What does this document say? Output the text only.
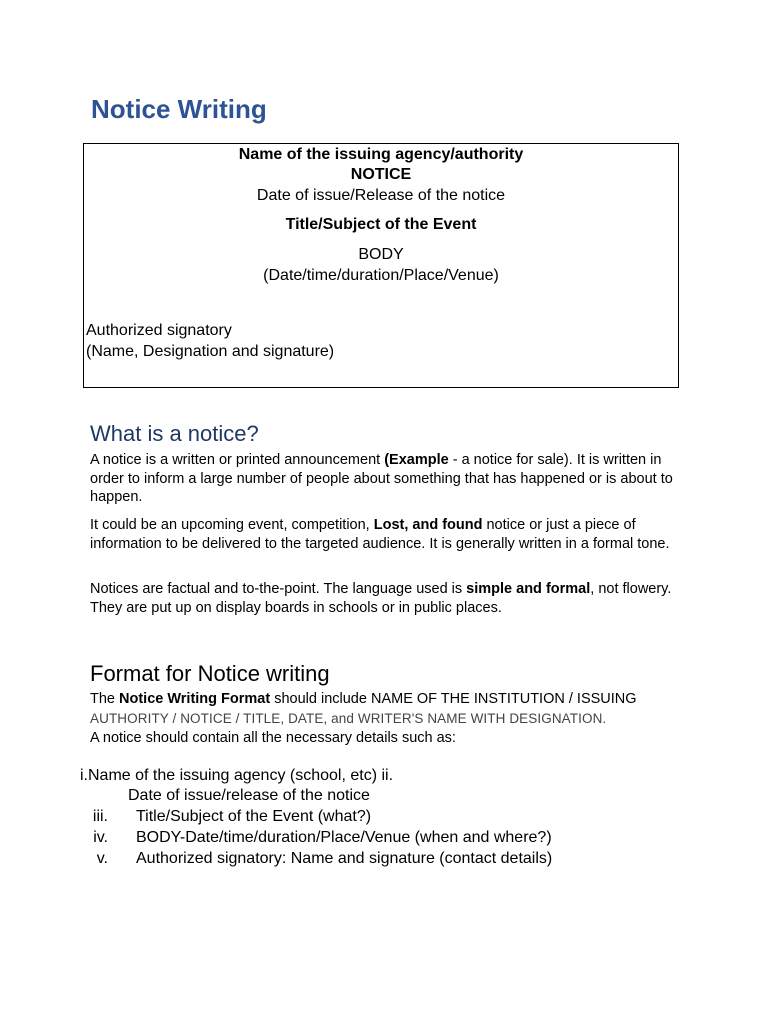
Notice Writing

Name of the issuing agency/authority

NOTICE

Date of issue/Release of the notice

Title/Subject of the Event

BODY

(Date/time/duration/Place/Venue)

Authorized signatory

(Name, Designation and signature)

What is a notice?

A notice is a written or printed announcement (Example - a notice for sale). It is written in order to inform a large number of people about something that has happened or is about to happen.

It could be an upcoming event, competition, Lost, and found notice or just a piece of information to be delivered to the targeted audience. It is generally written in a formal tone.

Notices are factual and to-the-point. The language used is simple and formal, not flowery. They are put up on display boards in schools or in public places.

Format for Notice writing

The Notice Writing Format should include NAME OF THE INSTITUTION / ISSUING

AUTHORITY / NOTICE / TITLE, DATE, and WRITER'S NAME WITH DESIGNATION.

A notice should contain all the necessary details such as:

i.Name of the issuing agency (school, etc) ii.

Date of issue/release of the notice

iii. Title/Subject of the Event (what?)

iv. BODY-Date/time/duration/Place/Venue (when and where?)

v. Authorized signatory: Name and signature (contact details)
